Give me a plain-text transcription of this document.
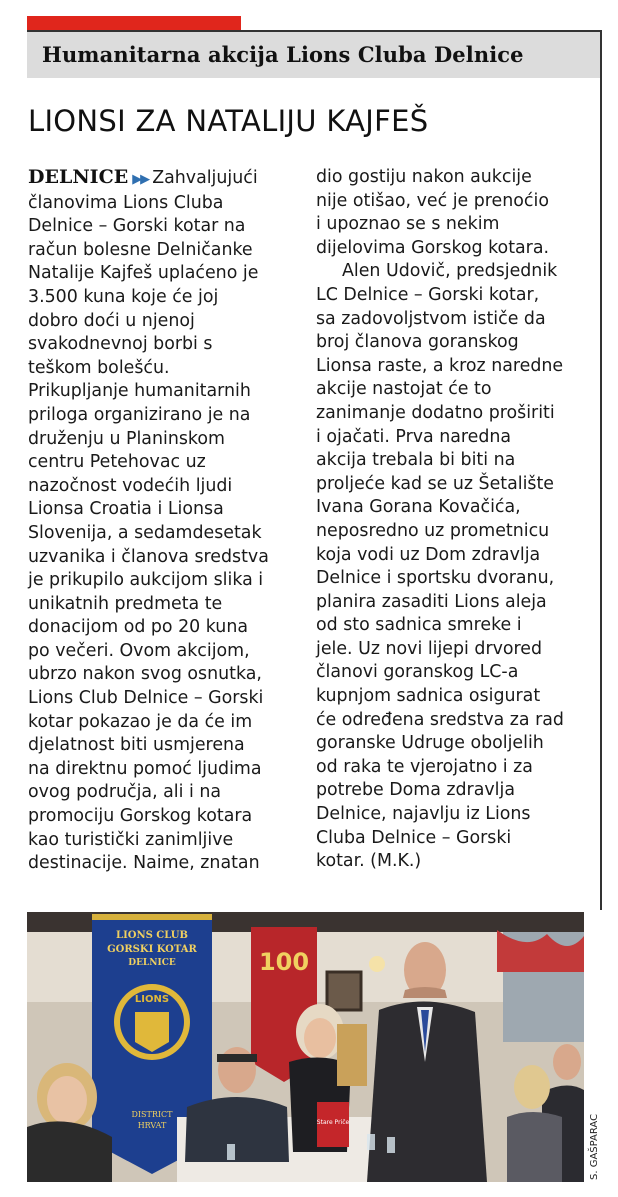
Humanitarna akcija Lions Cluba Delnice
LIONSI ZA NATALIJU KAJFEŠ
DELNICE ▶▶ Zahvaljujući
članovima Lions Cluba
Delnice – Gorski kotar na
račun bolesne Delničanke
Natalije Kajfeš uplaćeno je
3.500 kuna koje će joj
dobro doći u njenoj
svakodnevnoj borbi s
teškom bolešću.
Prikupljanje humanitarnih
priloga organizirano je na
druženju u Planinskom
centru Petehovac uz
nazočnost vodećih ljudi
Lionsa Croatia i Lionsa
Slovenija, a sedamdesetak
uzvanika i članova sredstva
je prikupilo aukcijom slika i
unikatnih predmeta te
donacijom od po 20 kuna
po večeri. Ovom akcijom,
ubrzo nakon svog osnutka,
Lions Club Delnice – Gorski
kotar pokazao je da će im
djelatnost biti usmjerena
na direktnu pomoć ljudima
ovog područja, ali i na
promociju Gorskog kotara
kao turistički zanimljive
destinacije. Naime, znatan
dio gostiju nakon aukcije
nije otišao, već je prenoćio
i upoznao se s nekim
dijelovima Gorskog kotara.
Alen Udovič, predsjednik
LC Delnice – Gorski kotar,
sa zadovoljstvom ističe da
broj članova goranskog
Lionsa raste, a kroz naredne
akcije nastojat će to
zanimanje dodatno proširiti
i ojačati. Prva naredna
akcija trebala bi biti na
proljeće kad se uz Šetalište
Ivana Gorana Kovačića,
neposredno uz prometnicu
koja vodi uz Dom zdravlja
Delnice i sportsku dvoranu,
planira zasaditi Lions aleja
od sto sadnica smreke i
jele. Uz novi lijepi drvored
članovi goranskog LC-a
kupnjom sadnica osigurat
će određena sredstva za rad
goranske Udruge oboljelih
od raka te vjerojatno i za
potrebe Doma zdravlja
Delnice, najavlju iz Lions
Cluba Delnice – Gorski
kotar. (M.K.)
LIONS CLUB
GORSKI KOTAR
DELNICE
LIONS
DISTRICT
HRVAT
100
Stare Priče	S. GAŠPARAC
